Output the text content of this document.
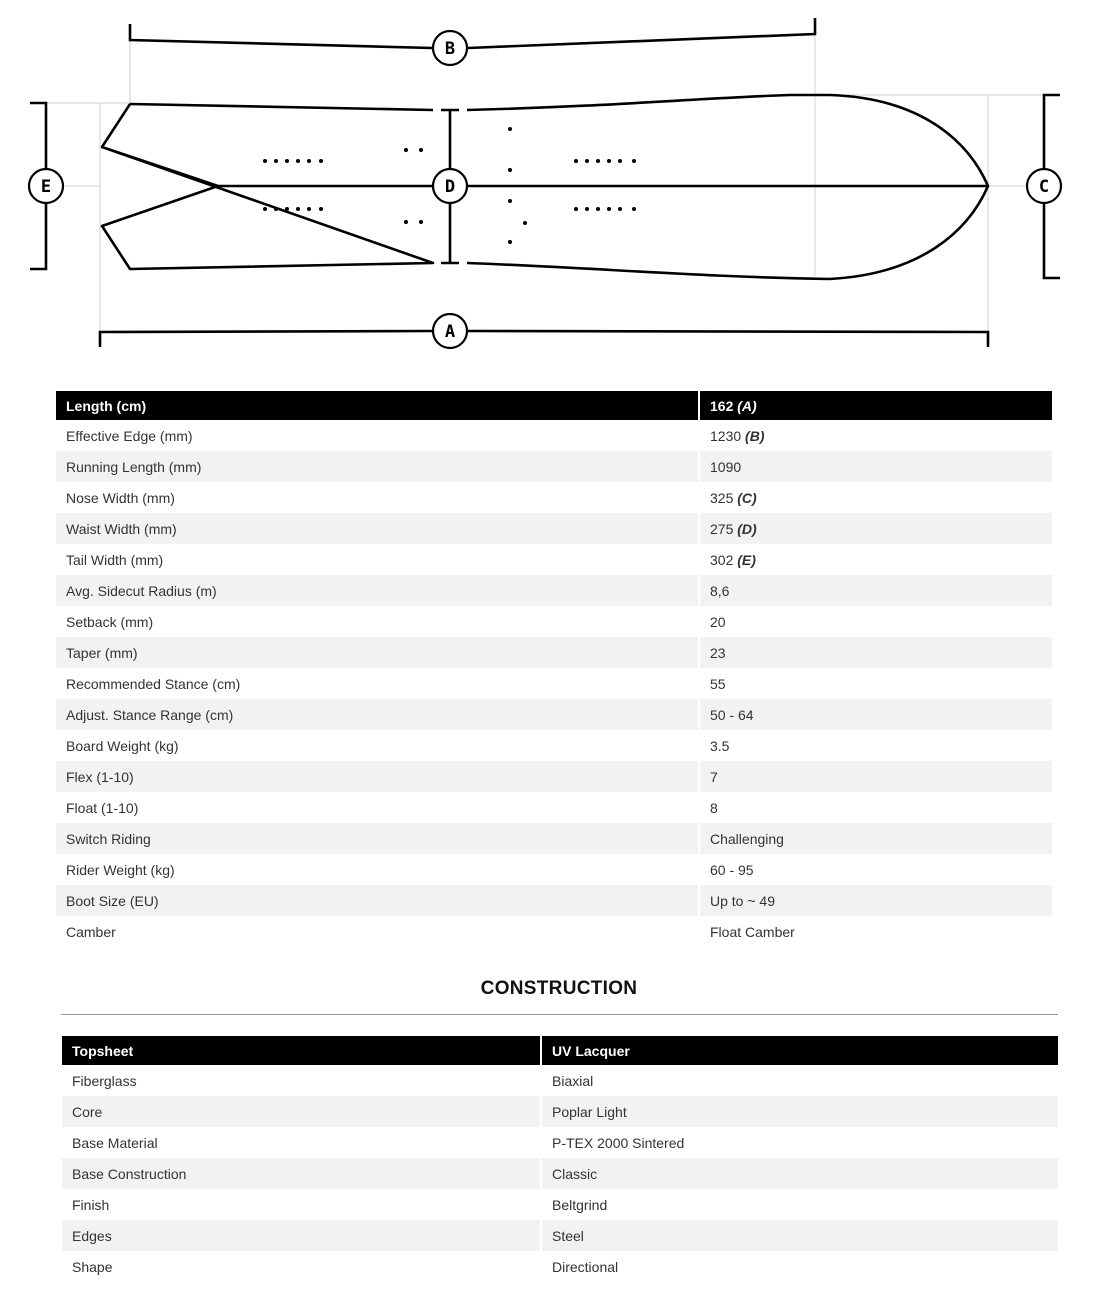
B
D
A
E	C
Length (cm)	162 (A)
Effective Edge (mm)	1230 (B)
Running Length (mm)	1090
Nose Width (mm)	325 (C)
Waist Width (mm)	275 (D)
Tail Width (mm)	302 (E)
Avg. Sidecut Radius (m)	8,6
Setback (mm)	20
Taper (mm)	23
Recommended Stance (cm)	55
Adjust. Stance Range (cm)	50 - 64
Board Weight (kg)	3.5
Flex (1-10)	7
Float (1-10)	8
Switch Riding	Challenging
Rider Weight (kg)	60 - 95
Boot Size (EU)	Up to ~ 49
Camber	Float Camber
CONSTRUCTION
Topsheet	UV Lacquer
Fiberglass	Biaxial
Core	Poplar Light
Base Material	P-TEX 2000 Sintered
Base Construction	Classic
Finish	Beltgrind
Edges	Steel
Shape	Directional
